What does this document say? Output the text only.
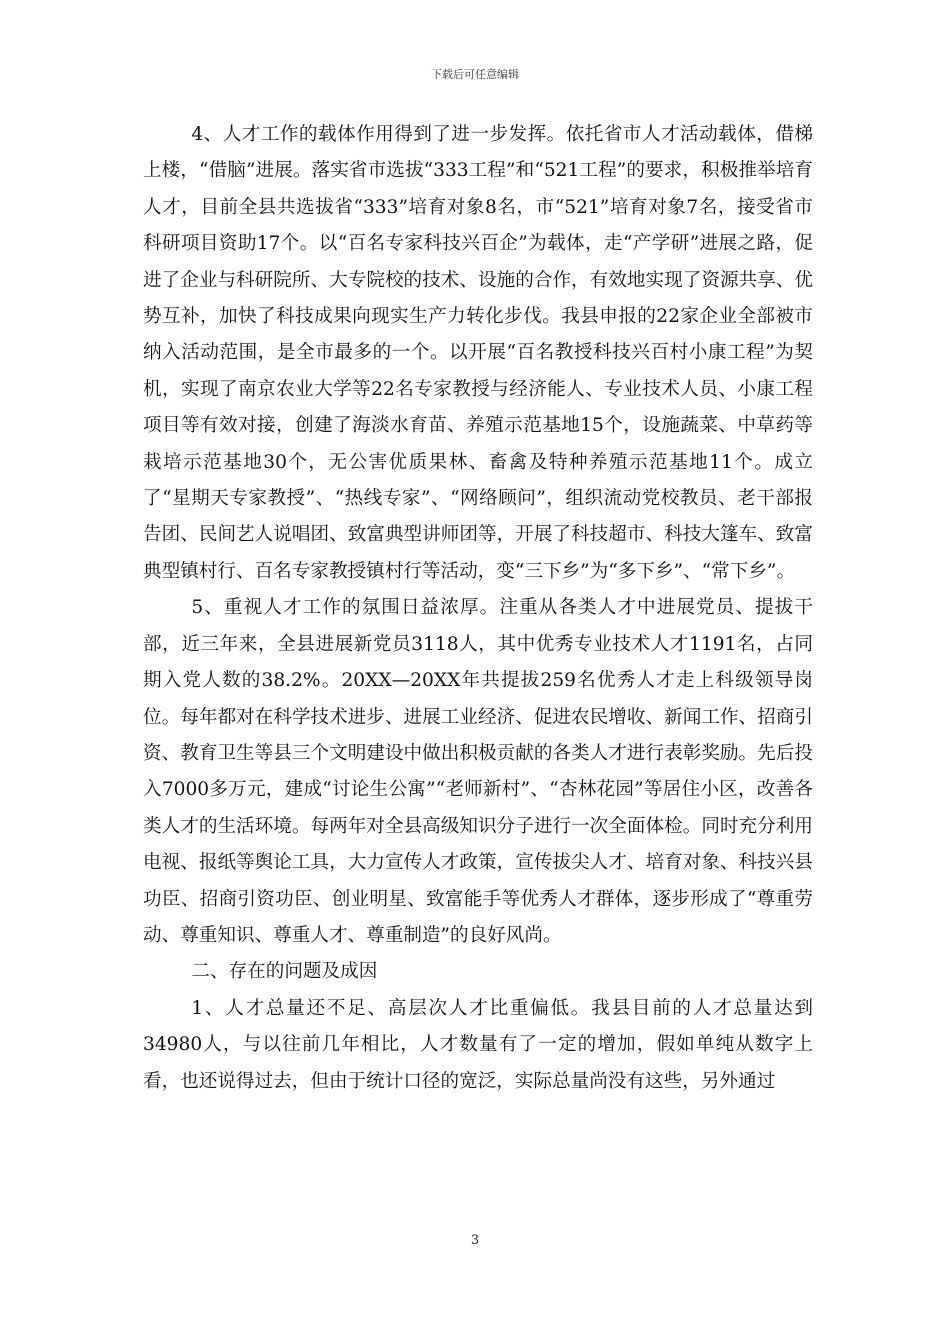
下载后可任意编辑

4、人才工作的载体作用得到了进一步发挥。依托省市人才活动载体，借梯上楼，“借脑”进展。落实省市选拔“333工程”和“521工程”的要求，积极推举培育人才，目前全县共选拔省“333”培育对象8名，市“521”培育对象7名，接受省市科研项目资助17个。以“百名专家科技兴百企”为载体，走“产学研”进展之路，促进了企业与科研院所、大专院校的技术、设施的合作，有效地实现了资源共享、优势互补，加快了科技成果向现实生产力转化步伐。我县申报的22家企业全部被市纳入活动范围，是全市最多的一个。以开展“百名教授科技兴百村小康工程”为契机，实现了南京农业大学等22名专家教授与经济能人、专业技术人员、小康工程项目等有效对接，创建了海淡水育苗、养殖示范基地15个，设施蔬菜、中草药等栽培示范基地30个，无公害优质果林、畜禽及特种养殖示范基地11个。成立了“星期天专家教授”、“热线专家”、“网络顾问”，组织流动党校教员、老干部报告团、民间艺人说唱团、致富典型讲师团等，开展了科技超市、科技大篷车、致富典型镇村行、百名专家教授镇村行等活动，变“三下乡”为“多下乡”、“常下乡”。

5、重视人才工作的氛围日益浓厚。注重从各类人才中进展党员、提拔干部，近三年来，全县进展新党员3118人，其中优秀专业技术人才1191名，占同期入党人数的38.2%。20XX—20XX年共提拔259名优秀人才走上科级领导岗位。每年都对在科学技术进步、进展工业经济、促进农民增收、新闻工作、招商引资、教育卫生等县三个文明建设中做出积极贡献的各类人才进行表彰奖励。先后投入7000多万元，建成“讨论生公寓”“老师新村”、“杏林花园”等居住小区，改善各类人才的生活环境。每两年对全县高级知识分子进行一次全面体检。同时充分利用电视、报纸等舆论工具，大力宣传人才政策，宣传拔尖人才、培育对象、科技兴县功臣、招商引资功臣、创业明星、致富能手等优秀人才群体，逐步形成了“尊重劳动、尊重知识、尊重人才、尊重制造”的良好风尚。

二、存在的问题及成因

1、人才总量还不足、高层次人才比重偏低。我县目前的人才总量达到34980人，与以往前几年相比，人才数量有了一定的增加，假如单纯从数字上看，也还说得过去，但由于统计口径的宽泛，实际总量尚没有这些，另外通过

3
